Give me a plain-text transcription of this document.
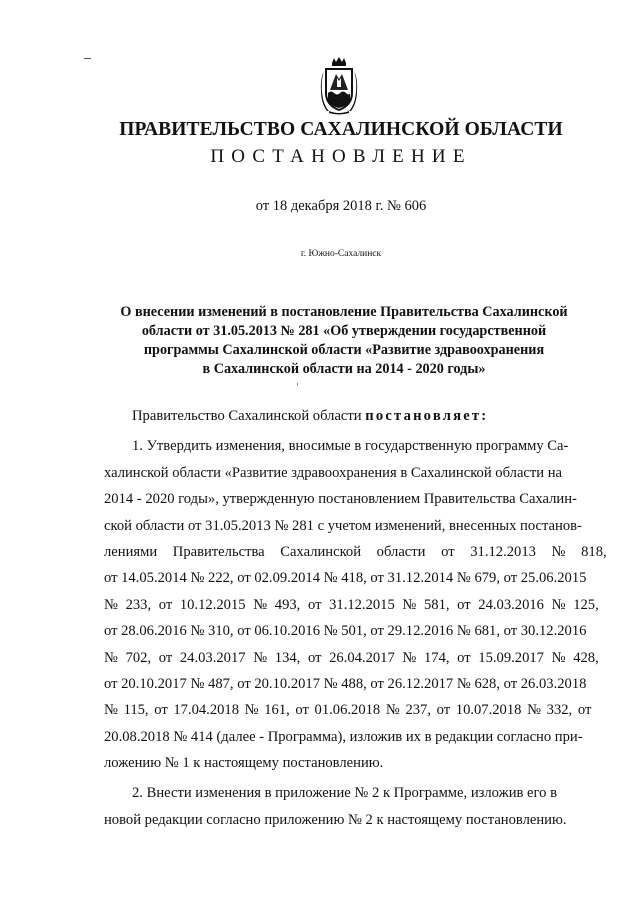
ПРАВИТЕЛЬСТВО САХАЛИНСКОЙ ОБЛАСТИ
ПОСТАНОВЛЕНИЕ
от 18 декабря 2018 г. № 606
г. Южно-Сахалинск
О внесении изменений в постановление Правительства Сахалинской
области от 31.05.2013 № 281 «Об утверждении государственной
программы Сахалинской области «Развитие здравоохранения
в Сахалинской области на 2014 - 2020 годы»
Правительство Сахалинской области постановляет:
1. Утвердить изменения, вносимые в государственную программу Са-
халинской области «Развитие здравоохранения в Сахалинской области на
2014 - 2020 годы», утвержденную постановлением Правительства Сахалин-
ской области от 31.05.2013 № 281 с учетом изменений, внесенных постанов-
лениями Правительства Сахалинской области от 31.12.2013 № 818,
от 14.05.2014 № 222, от 02.09.2014 № 418, от 31.12.2014 № 679, от 25.06.2015
№ 233, от 10.12.2015 № 493, от 31.12.2015 № 581, от 24.03.2016 № 125,
от 28.06.2016 № 310, от 06.10.2016 № 501, от 29.12.2016 № 681, от 30.12.2016
№ 702, от 24.03.2017 № 134, от 26.04.2017 № 174, от 15.09.2017 № 428,
от 20.10.2017 № 487, от 20.10.2017 № 488, от 26.12.2017 № 628, от 26.03.2018
№ 115, от 17.04.2018 № 161, от 01.06.2018 № 237, от 10.07.2018 № 332, от
20.08.2018 № 414 (далее - Программа), изложив их в редакции согласно при-
ложению № 1 к настоящему постановлению.
2. Внести изменения в приложение № 2 к Программе, изложив его в
новой редакции согласно приложению № 2 к настоящему постановлению.
